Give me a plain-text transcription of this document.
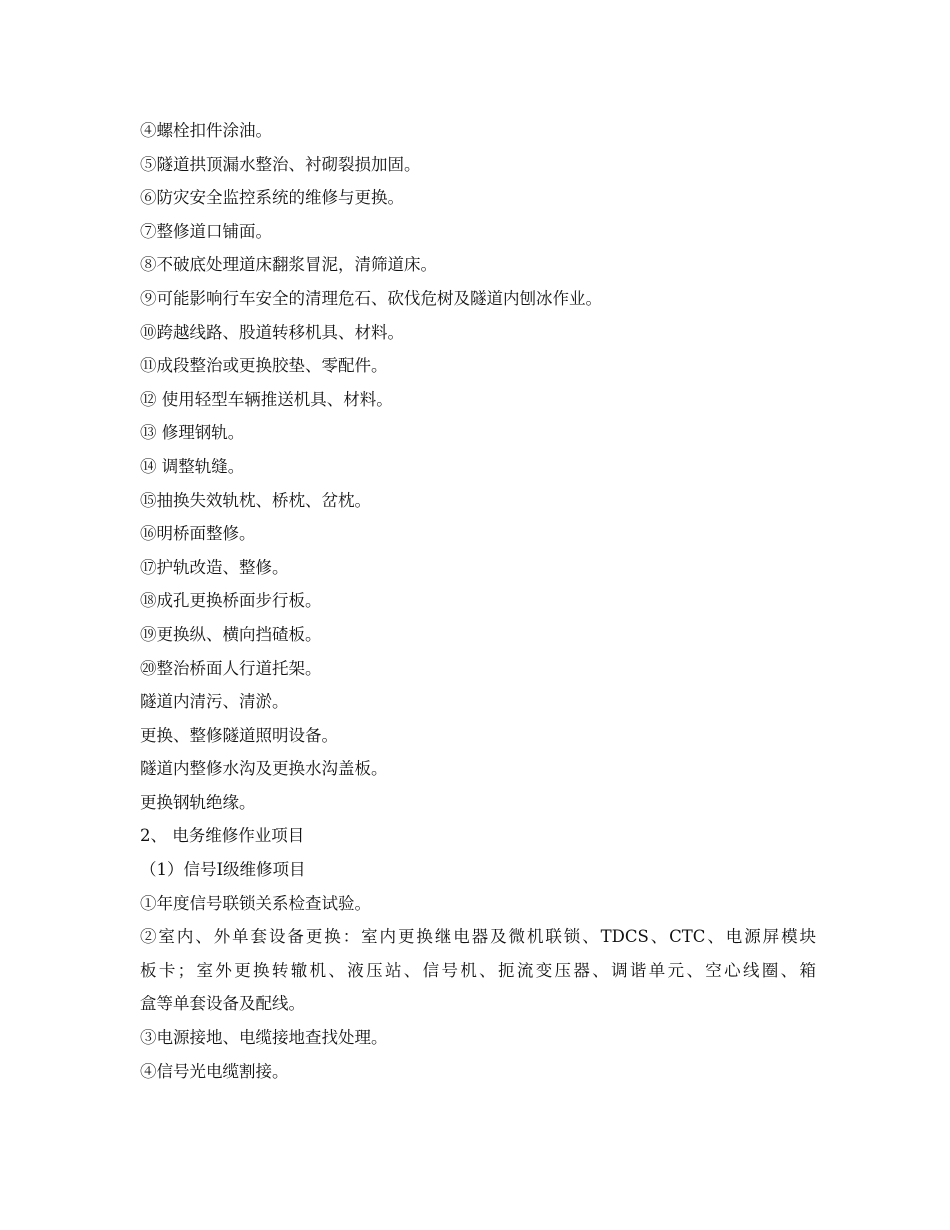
④螺栓扣件涂油。
⑤隧道拱顶漏水整治、衬砌裂损加固。
⑥防灾安全监控系统的维修与更换。
⑦整修道口铺面。
⑧不破底处理道床翻浆冒泥，清筛道床。
⑨可能影响行车安全的清理危石、砍伐危树及隧道内刨冰作业。
⑩跨越线路、股道转移机具、材料。
⑪成段整治或更换胶垫、零配件。
⑫ 使用轻型车辆推送机具、材料。
⑬ 修理钢轨。
⑭ 调整轨缝。
⑮抽换失效轨枕、桥枕、岔枕。
⑯明桥面整修。
⑰护轨改造、整修。
⑱成孔更换桥面步行板。
⑲更换纵、横向挡碴板。
⑳整治桥面人行道托架。
隧道内清污、清淤。
更换、整修隧道照明设备。
隧道内整修水沟及更换水沟盖板。
更换钢轨绝缘。
2、 电务维修作业项目
（1）信号Ⅰ级维修项目
①年度信号联锁关系检查试验。
②室内、外单套设备更换：室内更换继电器及微机联锁、TDCS、CTC、电源屏模块
板卡；室外更换转辙机、液压站、信号机、扼流变压器、调谐单元、空心线圈、箱
盒等单套设备及配线。
③电源接地、电缆接地查找处理。
④信号光电缆割接。
